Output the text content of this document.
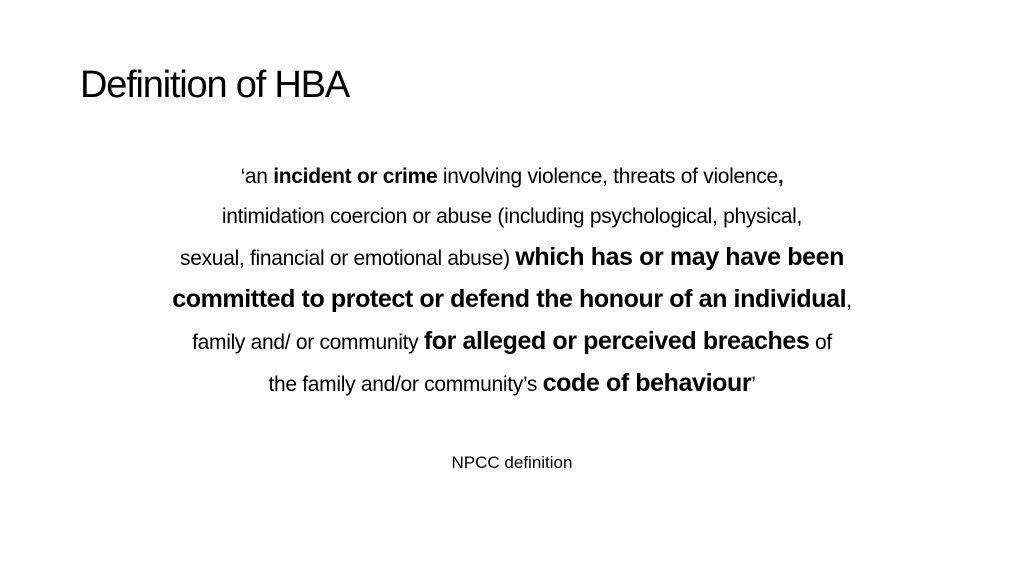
Definition of HBA
‘an incident or crime involving violence, threats of violence,
intimidation coercion or abuse (including psychological, physical,
sexual, financial or emotional abuse) which has or may have been
committed to protect or defend the honour of an individual,
family and/ or community for alleged or perceived breaches of
the family and/or community’s code of behaviour’
NPCC definition
